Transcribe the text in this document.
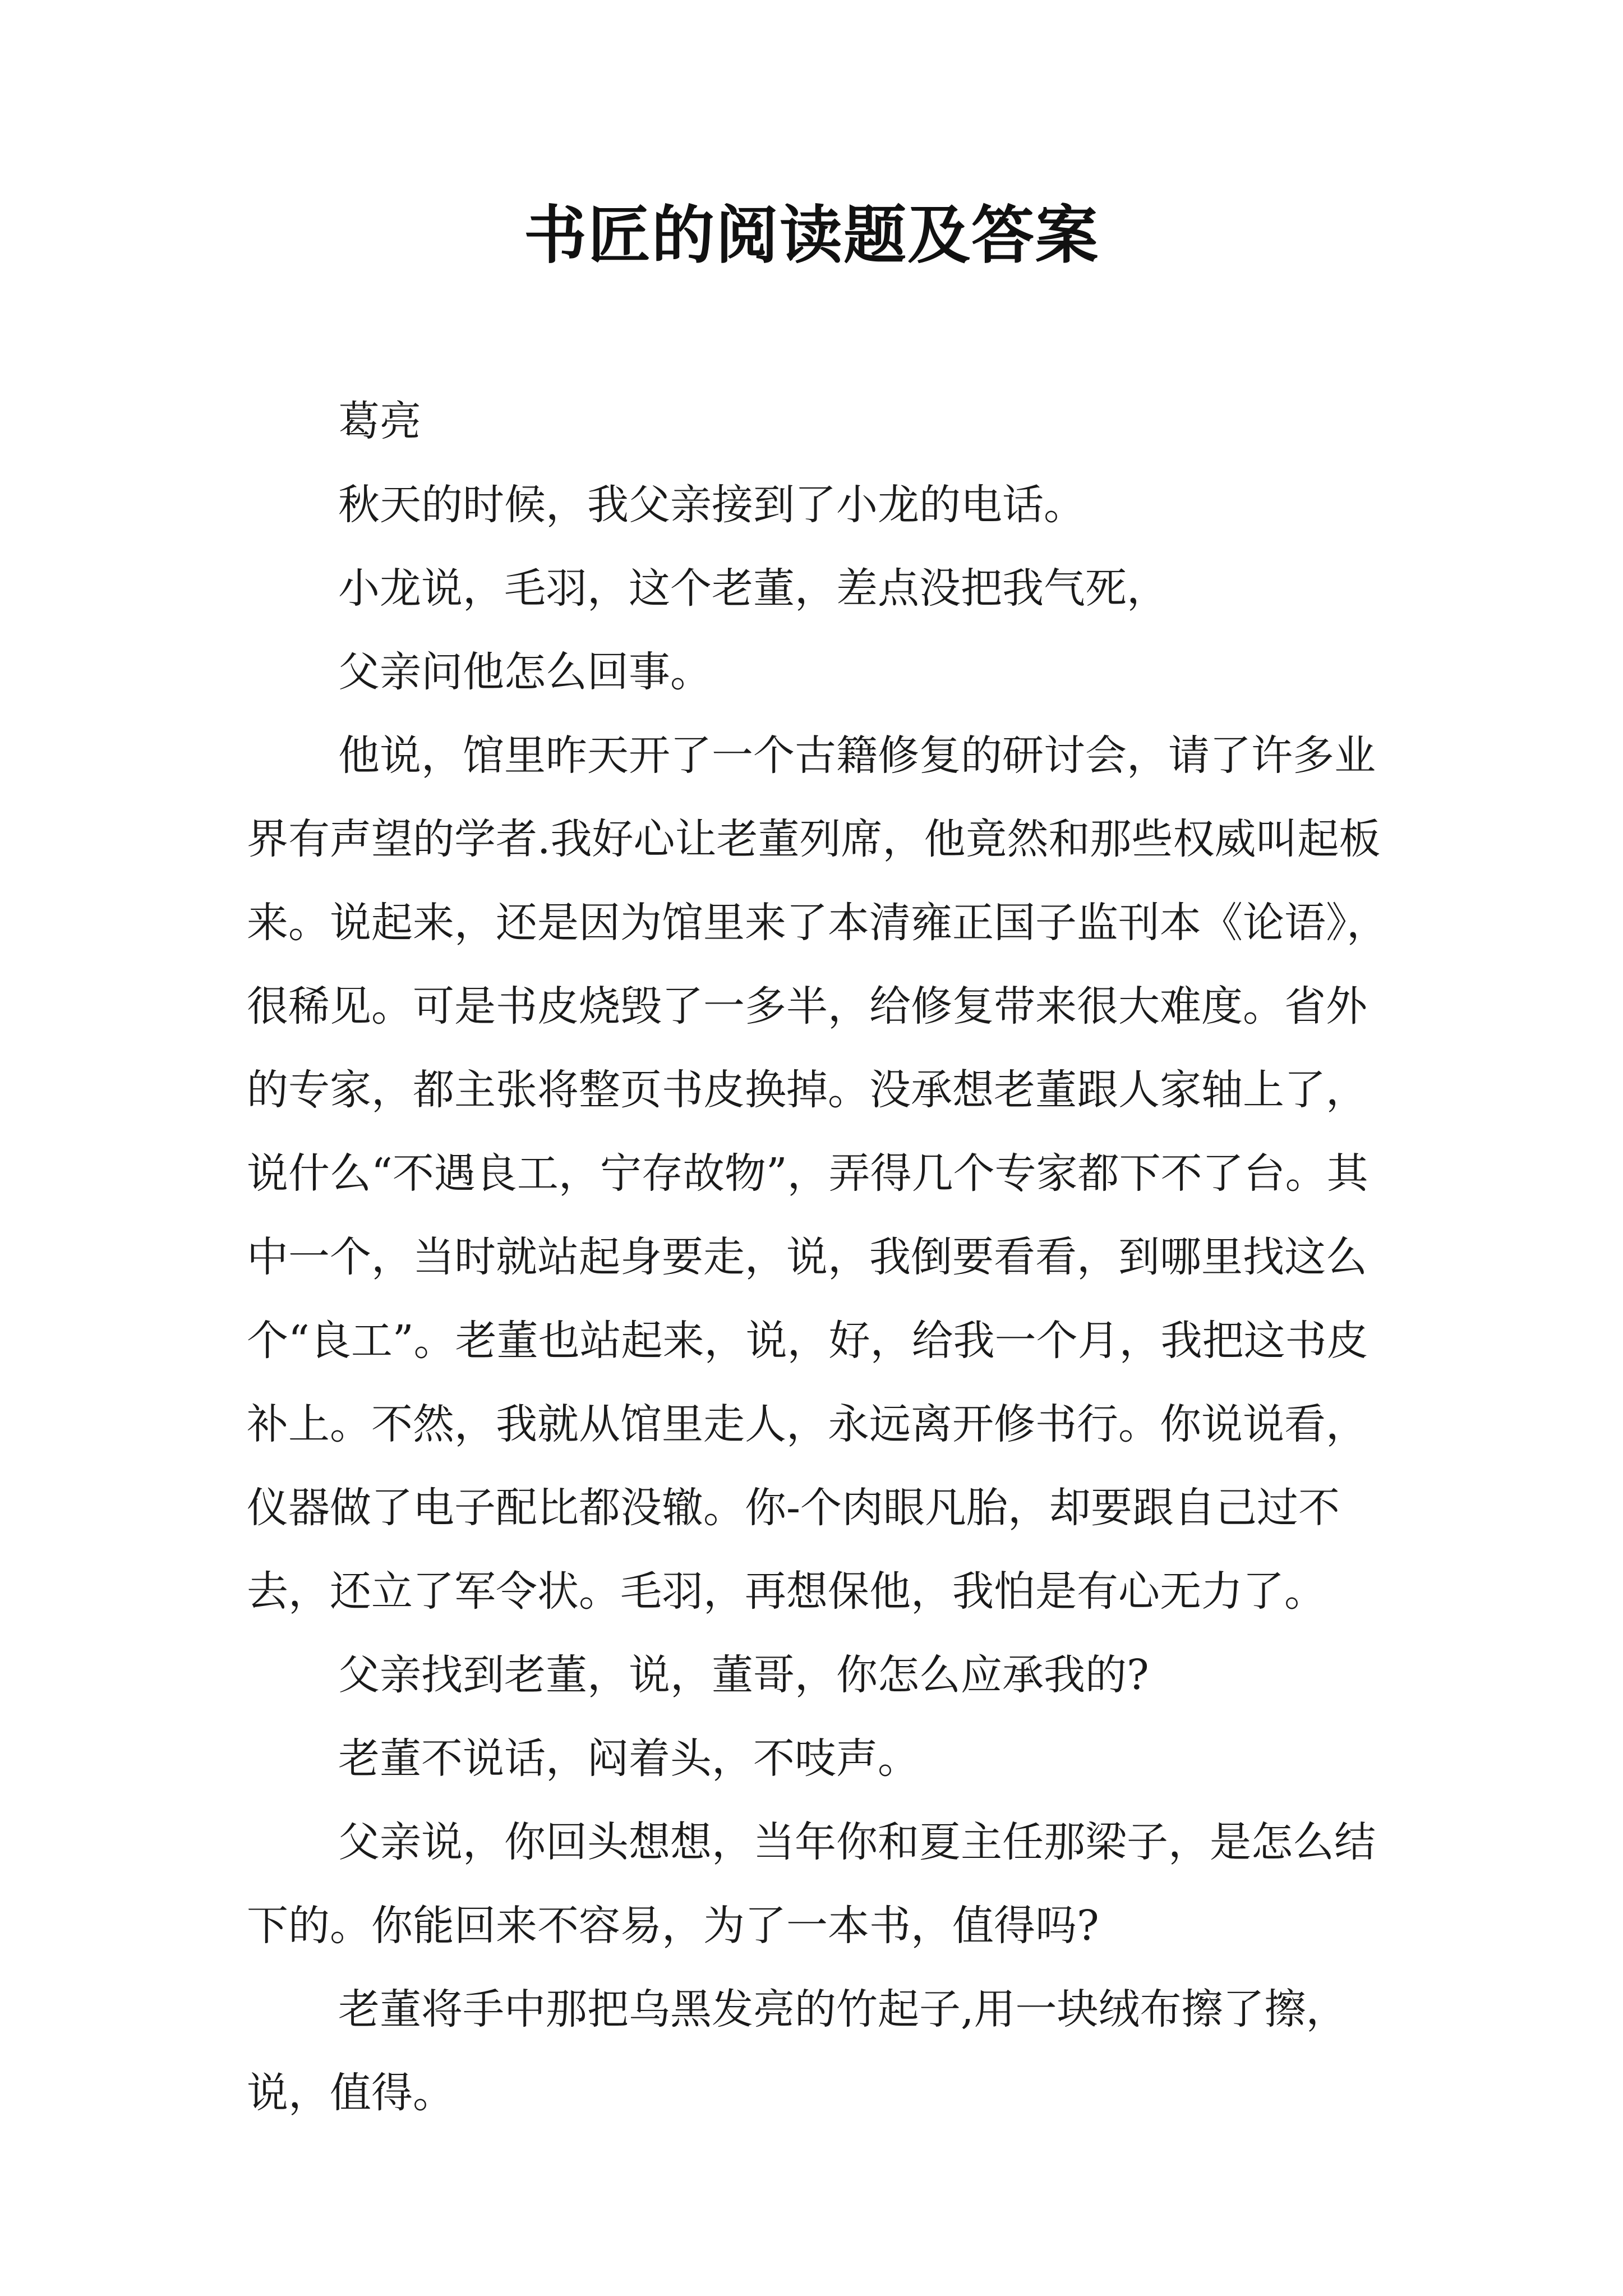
书匠的阅读题及答案

葛亮

秋天的时候，我父亲接到了小龙的电话。

小龙说，毛羽，这个老董，差点没把我气死，

父亲问他怎么回事。

他说，馆里昨天开了一个古籍修复的研讨会，请了许多业界有声望的学者.我好心让老董列席，他竟然和那些权威叫起板来。说起来，还是因为馆里来了本清雍正国子监刊本《论语》，很稀见。可是书皮烧毁了一多半，给修复带来很大难度。省外的专家，都主张将整页书皮换掉。没承想老董跟人家轴上了，说什么“不遇良工，宁存故物”，弄得几个专家都下不了台。其中一个，当时就站起身要走，说，我倒要看看，到哪里找这么个“良工”。老董也站起来，说，好，给我一个月，我把这书皮补上。不然，我就从馆里走人，永远离开修书行。你说说看，仪器做了电子配比都没辙。你-个肉眼凡胎，却要跟自己过不去，还立了军令状。毛羽，再想保他，我怕是有心无力了。

父亲找到老董，说，董哥，你怎么应承我的?

老董不说话，闷着头，不吱声。

父亲说，你回头想想，当年你和夏主任那梁子，是怎么结下的。你能回来不容易，为了一本书，值得吗?

老董将手中那把乌黑发亮的竹起子,用一块绒布擦了擦，说，值得。
